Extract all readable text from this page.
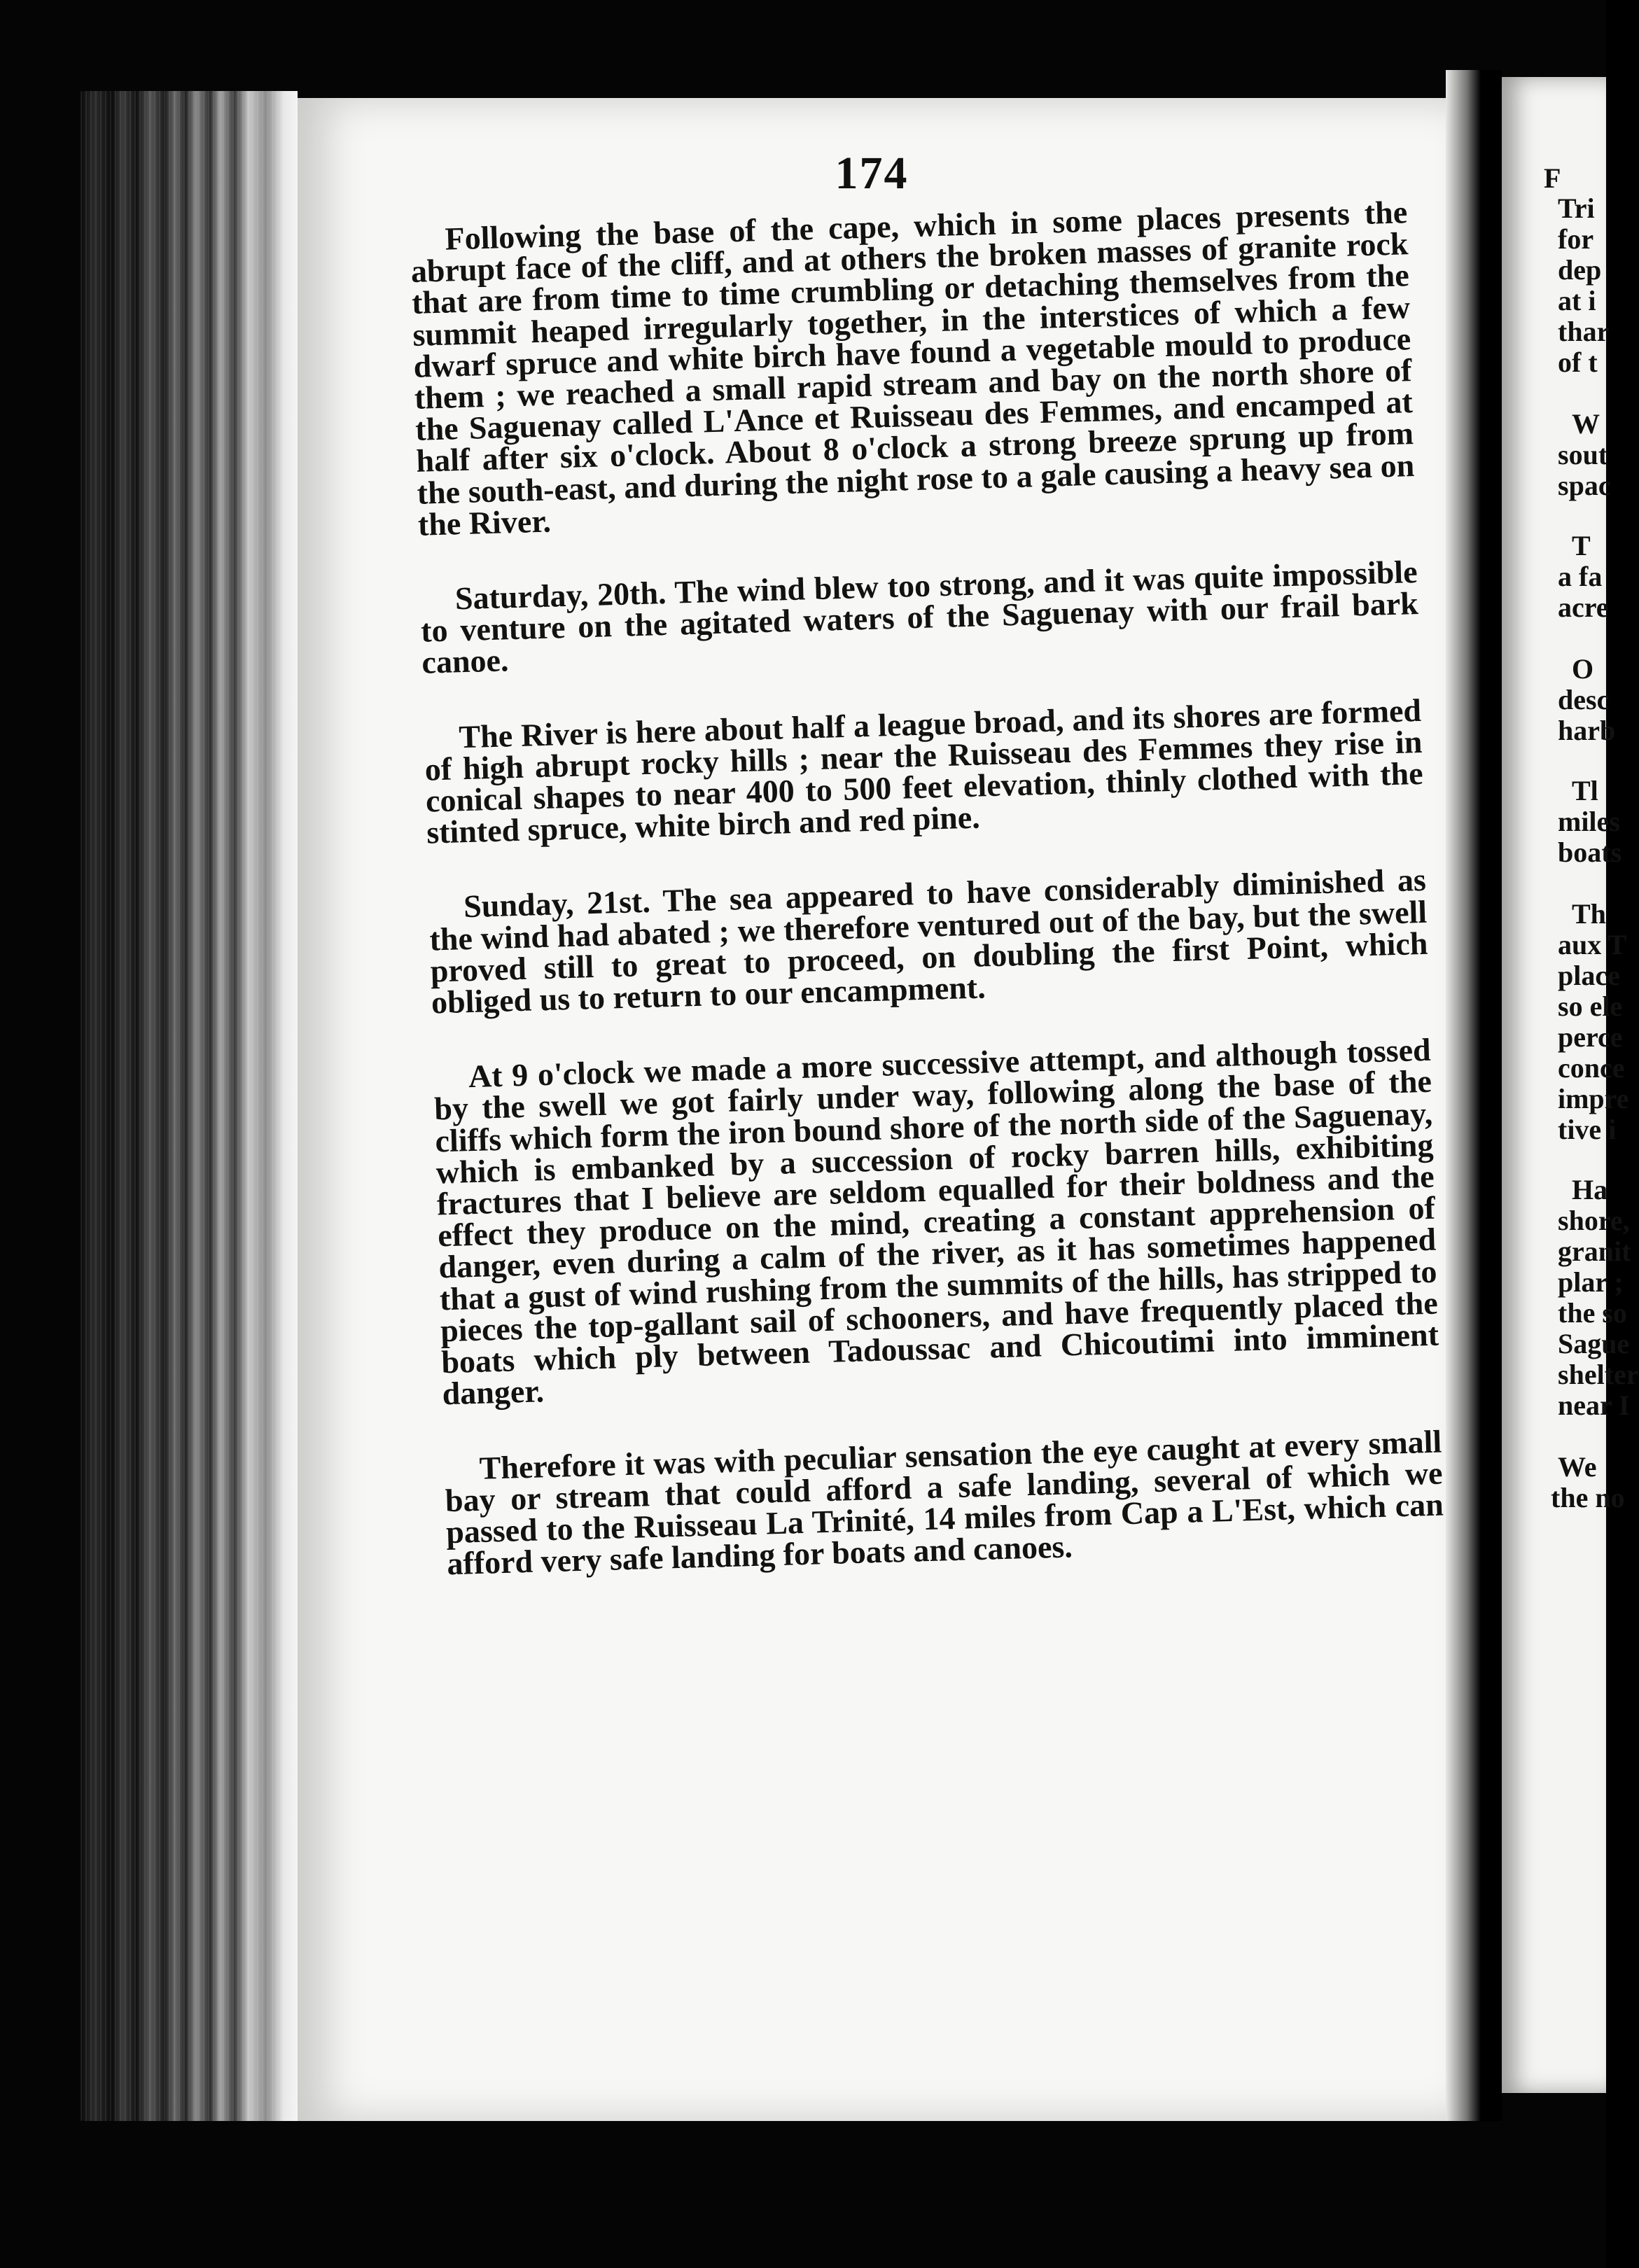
174

Following the base of the cape, which in some places presents the abrupt face of the cliff, and at others the broken masses of granite rock that are from time to time crumbling or detaching themselves from the summit heaped irregularly together, in the interstices of which a few dwarf spruce and white birch have found a vegetable mould to produce them ; we reached a small rapid stream and bay on the north shore of the Saguenay called L'Ance et Ruisseau des Femmes, and encamped at half after six o'clock. About 8 o'clock a strong breeze sprung up from the south-east, and during the night rose to a gale causing a heavy sea on the River.

Saturday, 20th. The wind blew too strong, and it was quite impossible to venture on the agitated waters of the Saguenay with our frail bark canoe.

The River is here about half a league broad, and its shores are formed of high abrupt rocky hills ; near the Ruisseau des Femmes they rise in conical shapes to near 400 to 500 feet elevation, thinly clothed with the stinted spruce, white birch and red pine.

Sunday, 21st. The sea appeared to have considerably diminished as the wind had abated ; we therefore ventured out of the bay, but the swell proved still to great to proceed, on doubling the first Point, which obliged us to return to our encampment.

At 9 o'clock we made a more successive attempt, and although tossed by the swell we got fairly under way, following along the base of the cliffs which form the iron bound shore of the north side of the Saguenay, which is embanked by a succession of rocky barren hills, exhibiting fractures that I believe are seldom equalled for their boldness and the effect they produce on the mind, creating a constant apprehension of danger, even during a calm of the river, as it has sometimes happened that a gust of wind rushing from the summits of the hills, has stripped to pieces the top-gallant sail of schooners, and have frequently placed the boats which ply between Tadoussac and Chicoutimi into imminent danger.

Therefore it was with peculiar sensation the eye caught at every small bay or stream that could afford a safe landing, several of which we passed to the Ruisseau La Trinité, 14 miles from Cap a L'Est, which can afford very safe landing for boats and canoes.

F
Tri
for
dep
at i
thar
of t
W
sout
spac
T
a fa
acre
O
desc
harb
Tl
miles
boats
Th
aux T
place
so ele
perce
conce
impre
tive i
Ha
shore,
granit
plar ;
the so
Sague
shelter
near I
We
the no
